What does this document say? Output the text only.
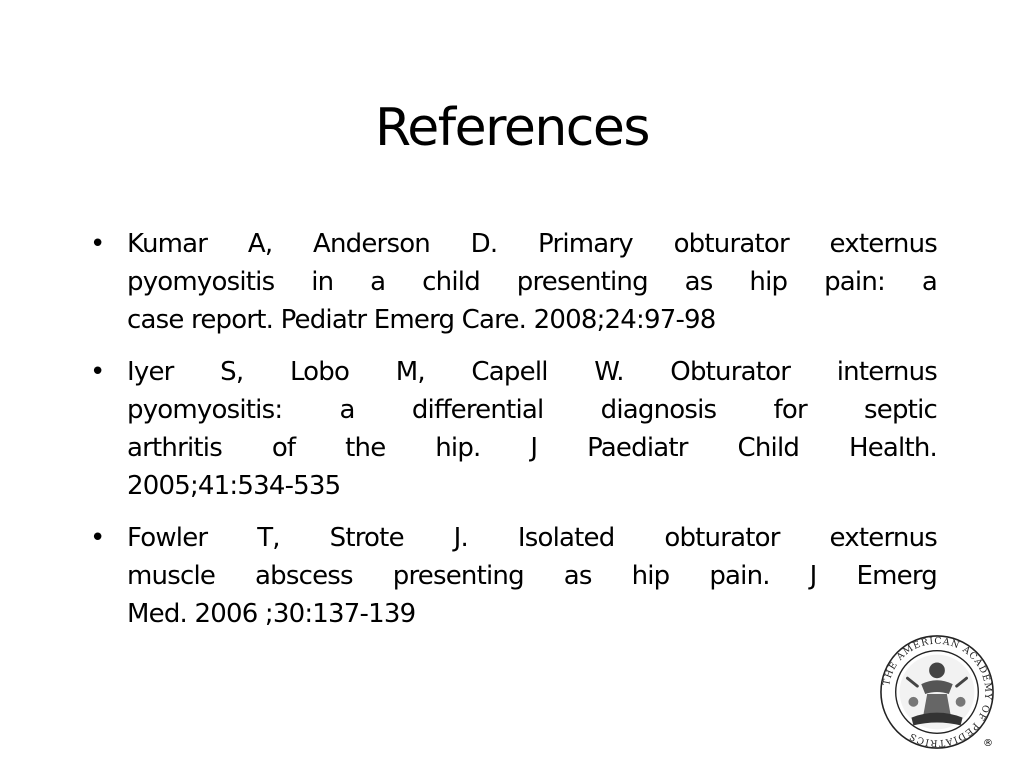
References
• Kumar A, Anderson D. Primary obturator externus
pyomyositis in a child presenting as hip pain: a
case report. Pediatr Emerg Care. 2008;24:97-98
• Iyer S, Lobo M, Capell W. Obturator internus
pyomyositis: a differential diagnosis for septic
arthritis of the hip. J Paediatr Child Health.
2005;41:534-535
• Fowler T, Strote J. Isolated obturator externus
muscle abscess presenting as hip pain. J Emerg
Med. 2006 ;30:137-139
THE AMERICAN ACADEMY OF PEDIATRICS
®
